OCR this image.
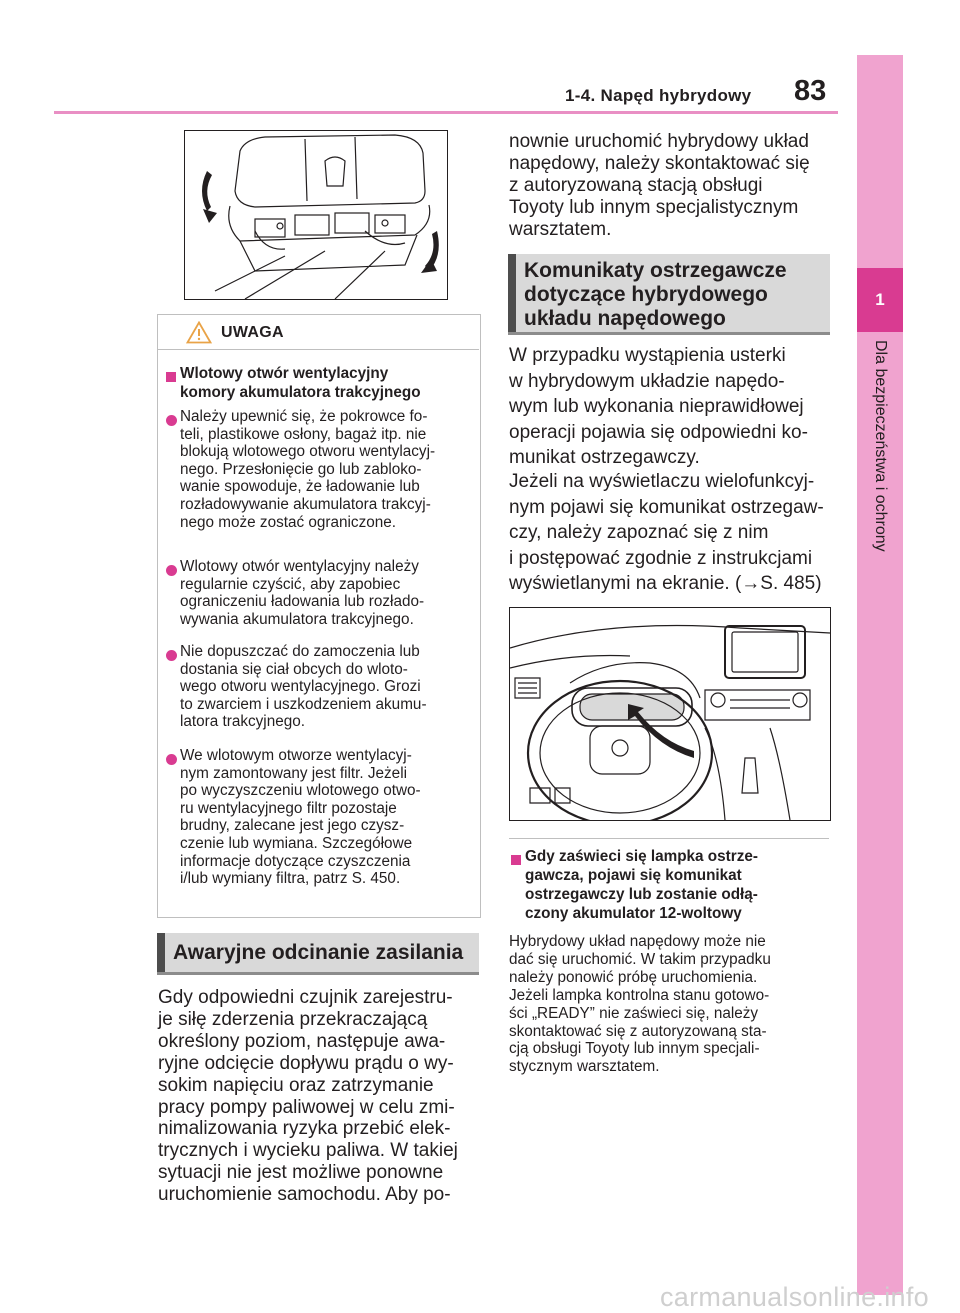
1-4. Napęd hybrydowy 83
1
Dla bezpieczeństwa i ochrony
UWAGA
Wlotowy otwór wentylacyjny
komory akumulatora trakcyjnego
Należy upewnić się, że pokrowce fo-
teli, plastikowe osłony, bagaż itp. nie
blokują wlotowego otworu wentylacyj-
nego. Przesłonięcie go lub zabloko-
wanie spowoduje, że ładowanie lub
rozładowywanie akumulatora trakcyj-
nego może zostać ograniczone.
Wlotowy otwór wentylacyjny należy
regularnie czyścić, aby zapobiec
ograniczeniu ładowania lub rozłado-
wywania akumulatora trakcyjnego.
Nie dopuszczać do zamoczenia lub
dostania się ciał obcych do wloto-
wego otworu wentylacyjnego. Grozi
to zwarciem i uszkodzeniem akumu-
latora trakcyjnego.
We wlotowym otworze wentylacyj-
nym zamontowany jest filtr. Jeżeli
po wyczyszczeniu wlotowego otwo-
ru wentylacyjnego filtr pozostaje
brudny, zalecane jest jego czysz-
czenie lub wymiana. Szczegółowe
informacje dotyczące czyszczenia
i/lub wymiany filtra, patrz S. 450.
Awaryjne odcinanie zasilania
Gdy odpowiedni czujnik zarejestru-
je siłę zderzenia przekraczającą
określony poziom, następuje awa-
ryjne odcięcie dopływu prądu o wy-
sokim napięciu oraz zatrzymanie
pracy pompy paliwowej w celu zmi-
nimalizowania ryzyka przebić elek-
trycznych i wycieku paliwa. W takiej
sytuacji nie jest możliwe ponowne
uruchomienie samochodu. Aby po-
nownie uruchomić hybrydowy układ
napędowy, należy skontaktować się
z autoryzowaną stacją obsługi
Toyoty lub innym specjalistycznym
warsztatem.
Komunikaty ostrzegawcze
dotyczące hybrydowego
układu napędowego
W przypadku wystąpienia usterki
w hybrydowym układzie napędo-
wym lub wykonania nieprawidłowej
operacji pojawia się odpowiedni ko-
munikat ostrzegawczy.
Jeżeli na wyświetlaczu wielofunkcyj-
nym pojawi się komunikat ostrzegaw-
czy, należy zapoznać się z nim
i postępować zgodnie z instrukcjami
wyświetlanymi na ekranie. (→S. 485)
Gdy zaświeci się lampka ostrze-
gawcza, pojawi się komunikat
ostrzegawczy lub zostanie odłą-
czony akumulator 12-woltowy
Hybrydowy układ napędowy może nie
dać się uruchomić. W takim przypadku
należy ponowić próbę uruchomienia.
Jeżeli lampka kontrolna stanu gotowo-
ści „READY” nie zaświeci się, należy
skontaktować się z autoryzowaną sta-
cją obsługi Toyoty lub innym specjali-
stycznym warsztatem.
carmanualsonline.info
